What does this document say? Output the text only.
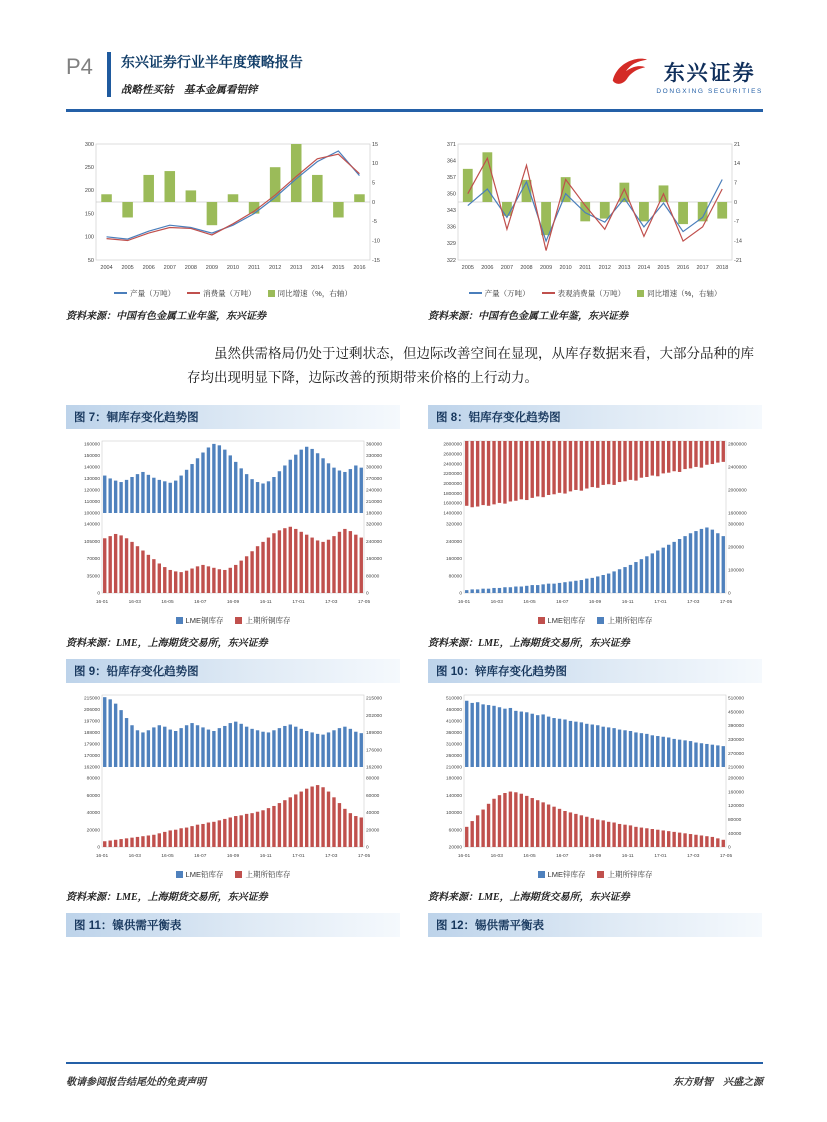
P4 东兴证券行业半年度策略报告
战略性买钴　基本金属看铝锌
东兴证券
DONGXING SECURITIES
300
250
200
150
100
50
15
10
5
0
-5
-10
-15
2004 2005 2006 2007 2008 2009 2010 2011 2012 2013 2014 2015 2016
产量（万吨）	消费量（万吨）	同比增速（%，右轴）
资料来源：中国有色金属工业年鉴，东兴证券
371
364
357
350
343
336
329
322
21
14
7
0
-7
-14
-21
2005 2006 2007 2008 2009 2010 2011 2012 2013 2014 2015 2016 2017 2018
产量（万吨）	表观消费量（万吨）	同比增速（%，右轴）
资料来源：中国有色金属工业年鉴，东兴证券
虽然供需格局仍处于过剩状态，但边际改善空间在显现，从库存数据来看，大部分品种的库存均出现明显下降，边际改善的预期带来价格的上行动力。
图 7：铜库存变化趋势图	图 8：铝库存变化趋势图
160000
150000
140000
130000
120000
110000
100000
140000
105000
70000
35000
0
360000
330000
300000
270000
240000
210000
180000
320000
240000
160000
80000
0
16-01	16-03	16-05	16-07	16-09	16-11	17-01	17-03	17-05
LME铜库存	上期所铜库存
资料来源：LME，上海期货交易所，东兴证券
2800000
2600000
2400000
2200000
2000000
1800000
1600000
1400000
320000
240000
160000
80000
0
2800000
2400000
2000000
1600000
300000
200000
100000
0
16-01	16-03	16-05	16-07	16-09	16-11	17-01	17-03	17-05
LME铝库存	上期所铝库存
资料来源：LME，上海期货交易所，东兴证券
图 9：铅库存变化趋势图	图 10：锌库存变化趋势图
215000
206000
197000
188000
179000
170000
162000
80000
60000
40000
20000
0
215000
202000
189000
176000
162000
80000
60000
40000
20000
0
16-01	16-03	16-05	16-07	16-09	16-11	17-01	17-03	17-05
LME铅库存	上期所铅库存
资料来源：LME，上海期货交易所，东兴证券
510000
460000
410000
360000
310000
260000
210000
180000
140000
100000
60000
20000
510000
450000
390000
330000
270000
210000
200000
160000
120000
80000
40000
0
16-01	16-03	16-05	16-07	16-09	16-11	17-01	17-03	17-05
LME锌库存	上期所锌库存
资料来源：LME，上海期货交易所，东兴证券
图 11：镍供需平衡表	图 12：锡供需平衡表
敬请参阅报告结尾处的免责声明	东方财智　兴盛之源
